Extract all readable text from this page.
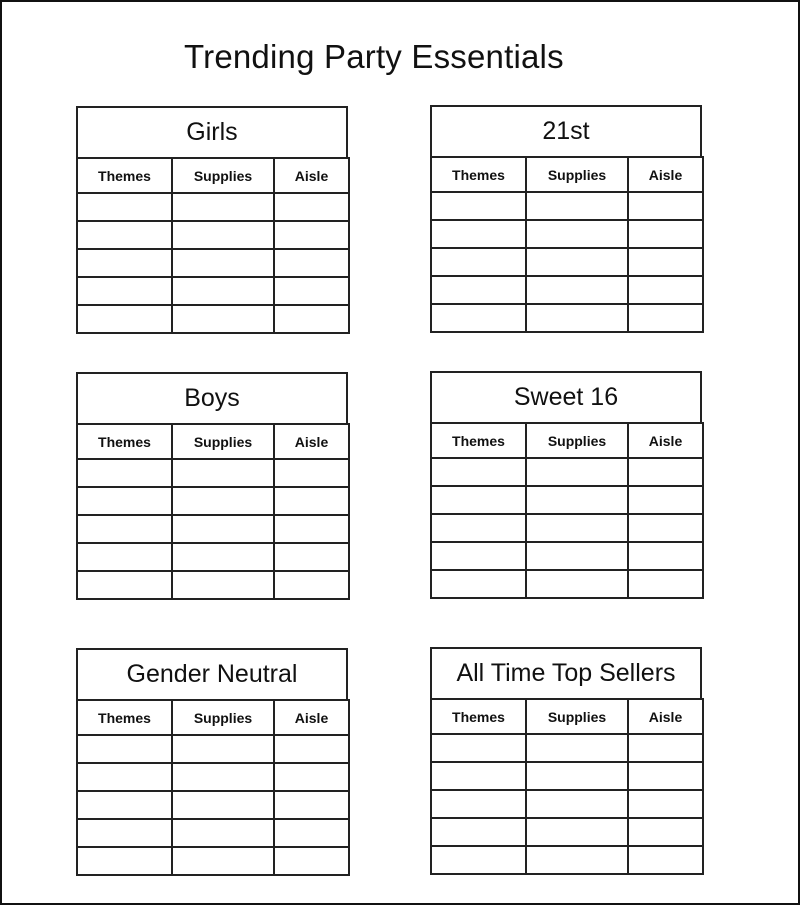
Trending Party Essentials
Girls
Themes	Supplies	Aisle

21st
Themes	Supplies	Aisle

Boys
Themes	Supplies	Aisle

Sweet 16
Themes	Supplies	Aisle

Gender Neutral
Themes	Supplies	Aisle

All Time Top Sellers
Themes	Supplies	Aisle
